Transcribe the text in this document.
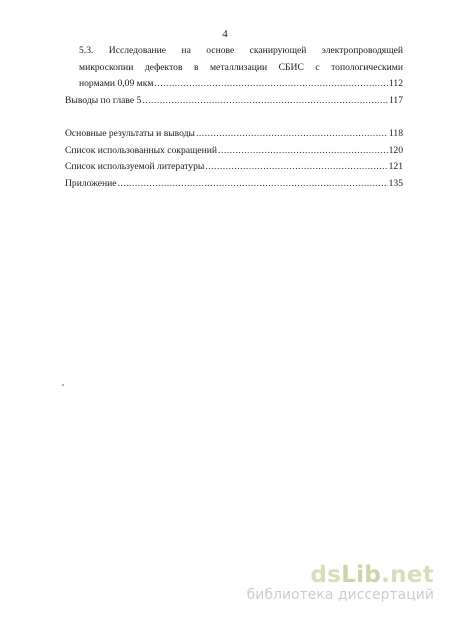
4
5.3. Исследование на основе сканирующей электропроводящей
микроскопии дефектов в металлизации СБИС с топологическими
нормами 0,09 мкм .....	112
Выводы по главе 5 .....	117
Основные результаты и выводы .....	118
Список использованных сокращений .....	120
Список используемой литературы .....	121
Приложение .....	135
dsLib.net
библиотека диссертаций
